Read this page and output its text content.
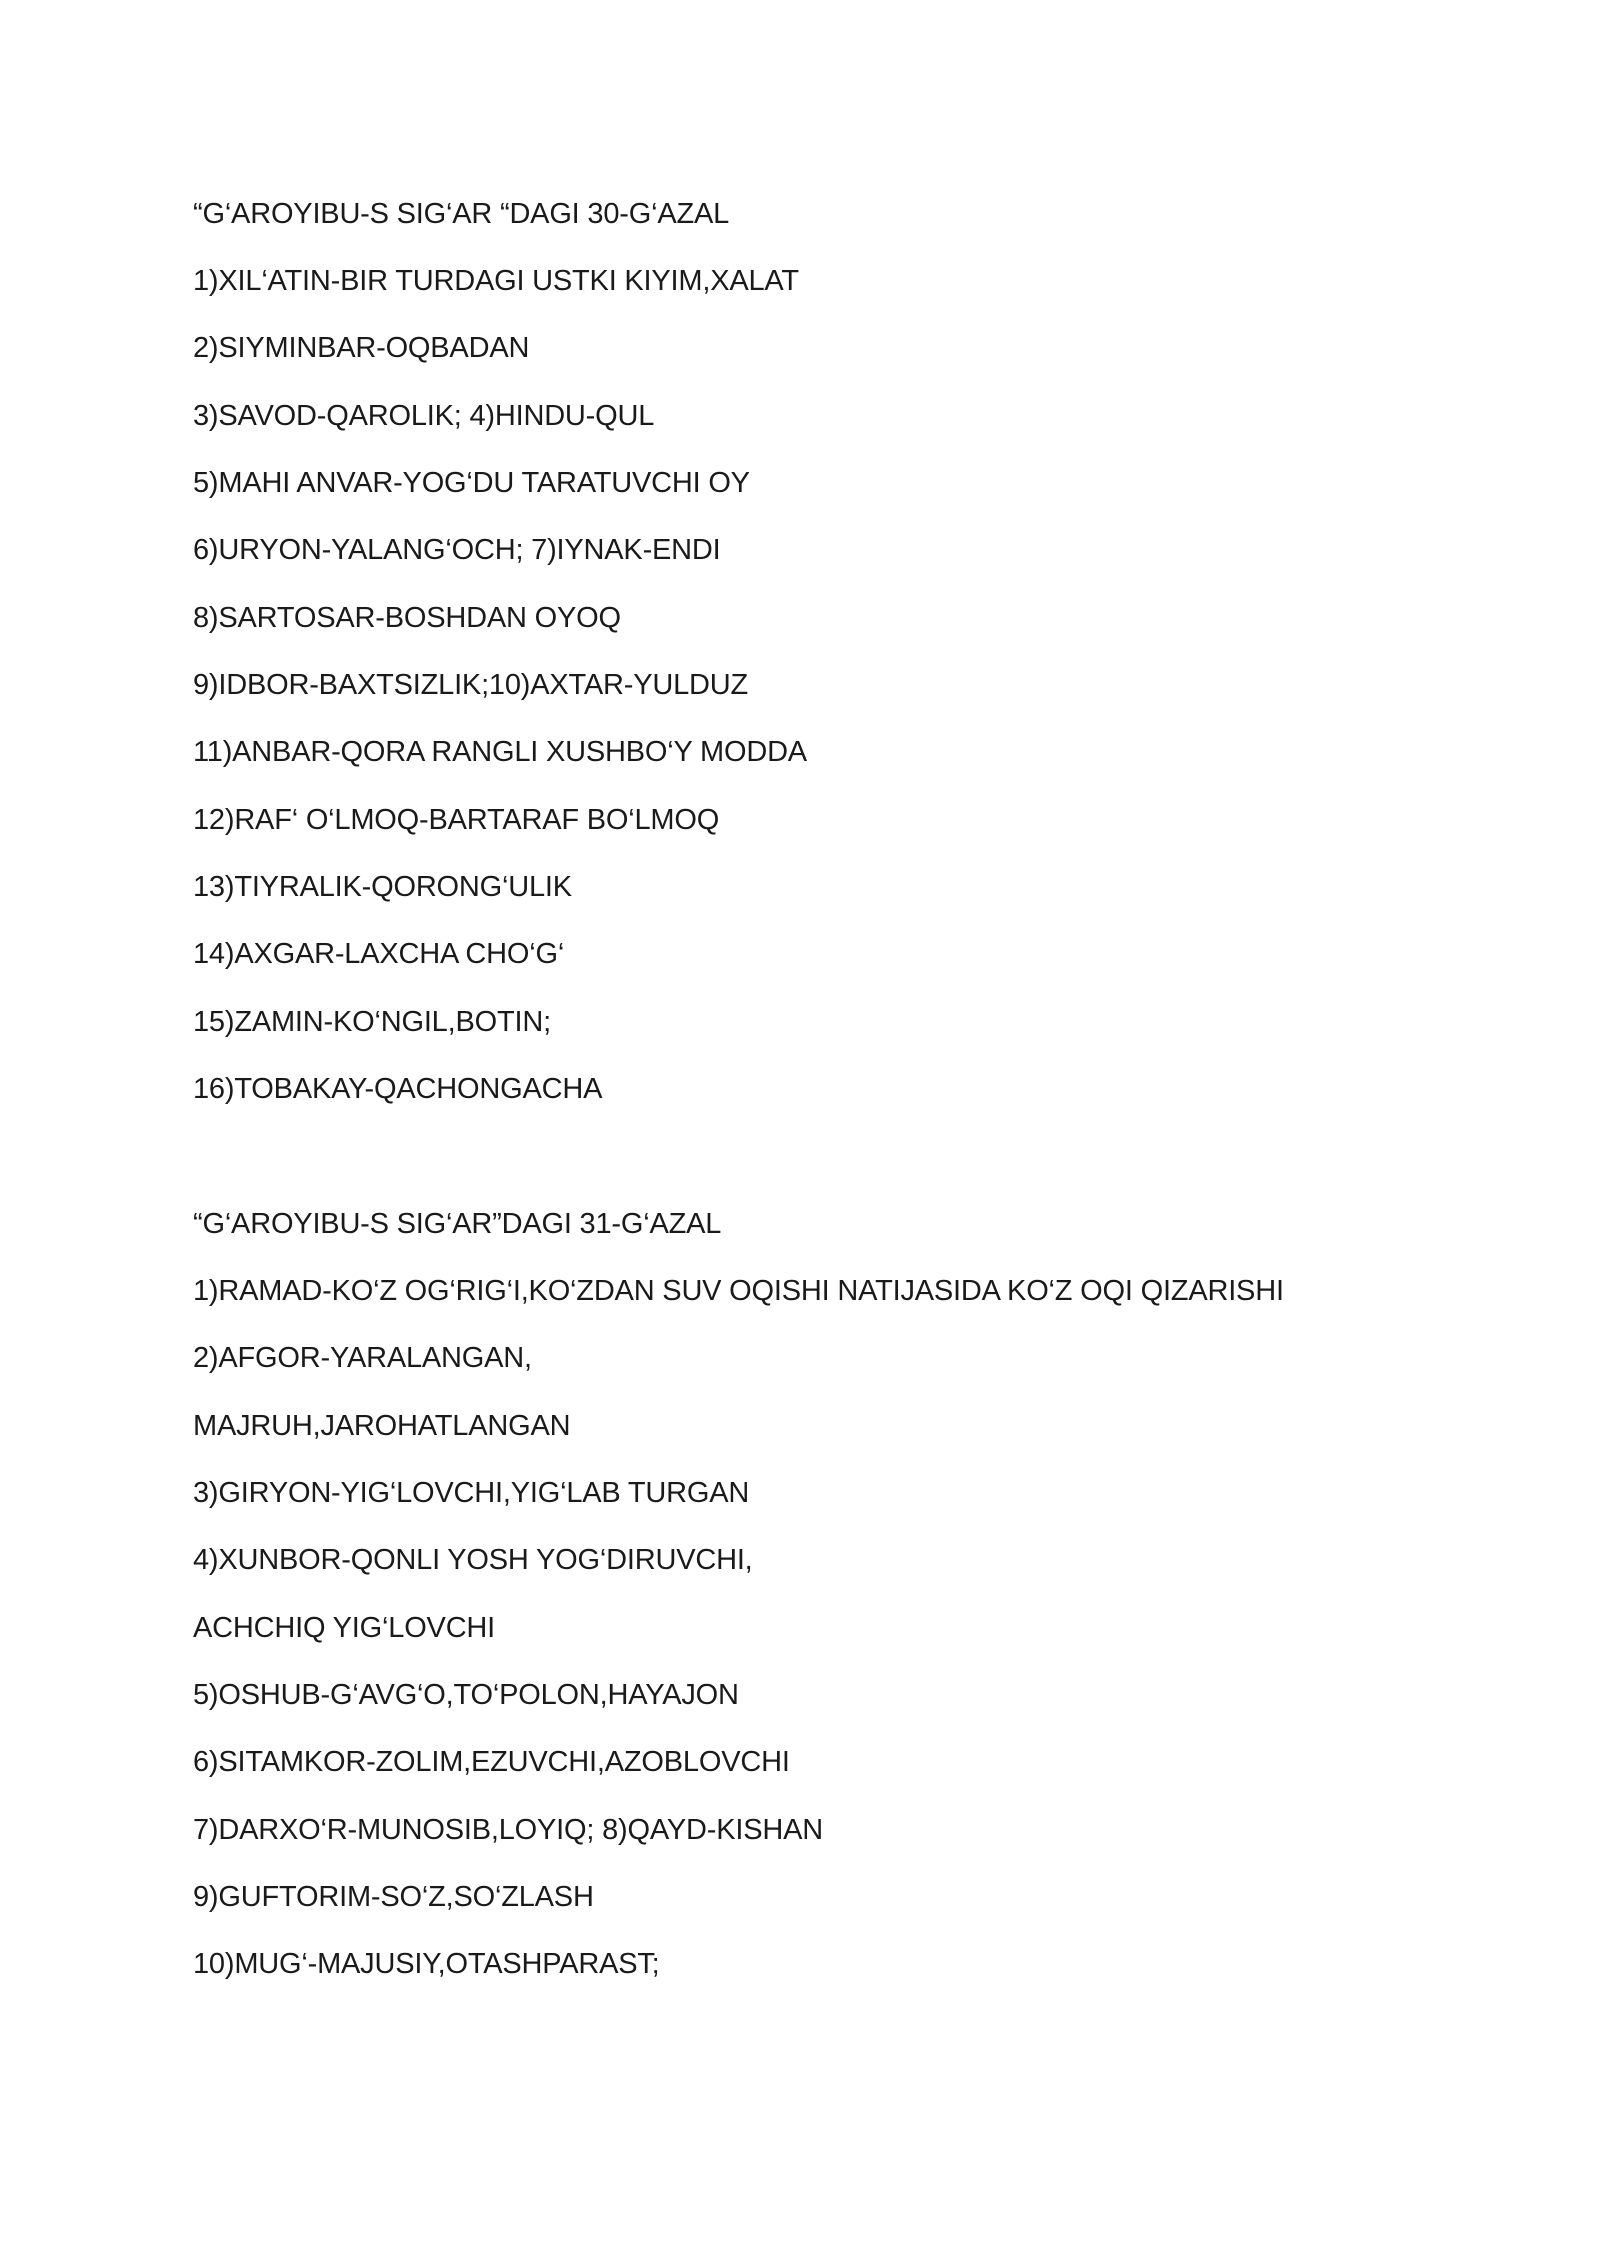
“G‘AROYIBU-S SIG‘AR “DAGI 30-G‘AZAL
1)XIL‘ATIN-BIR TURDAGI USTKI KIYIM,XALAT
2)SIYMINBAR-OQBADAN
3)SAVOD-QAROLIK; 4)HINDU-QUL
5)MAHI ANVAR-YOG‘DU TARATUVCHI OY
6)URYON-YALANG‘OCH; 7)IYNAK-ENDI
8)SARTOSAR-BOSHDAN OYOQ
9)IDBOR-BAXTSIZLIK;10)AXTAR-YULDUZ
11)ANBAR-QORA RANGLI XUSHBO‘Y MODDA
12)RAF‘ O‘LMOQ-BARTARAF BO‘LMOQ
13)TIYRALIK-QORONG‘ULIK
14)AXGAR-LAXCHA CHO‘G‘
15)ZAMIN-KO‘NGIL,BOTIN;
16)TOBAKAY-QACHONGACHA
“G‘AROYIBU-S SIG‘AR”DAGI 31-G‘AZAL
1)RAMAD-KO‘Z OG‘RIG‘I,KO‘ZDAN SUV OQISHI NATIJASIDA KO‘Z OQI QIZARISHI
2)AFGOR-YARALANGAN,
MAJRUH,JAROHATLANGAN
3)GIRYON-YIG‘LOVCHI,YIG‘LAB TURGAN
4)XUNBOR-QONLI YOSH YOG‘DIRUVCHI,
ACHCHIQ YIG‘LOVCHI
5)OSHUB-G‘AVG‘O,TO‘POLON,HAYAJON
6)SITAMKOR-ZOLIM,EZUVCHI,AZOBLOVCHI
7)DARXO‘R-MUNOSIB,LOYIQ; 8)QAYD-KISHAN
9)GUFTORIM-SO‘Z,SO‘ZLASH
10)MUG‘-MAJUSIY,OTASHPARAST;
